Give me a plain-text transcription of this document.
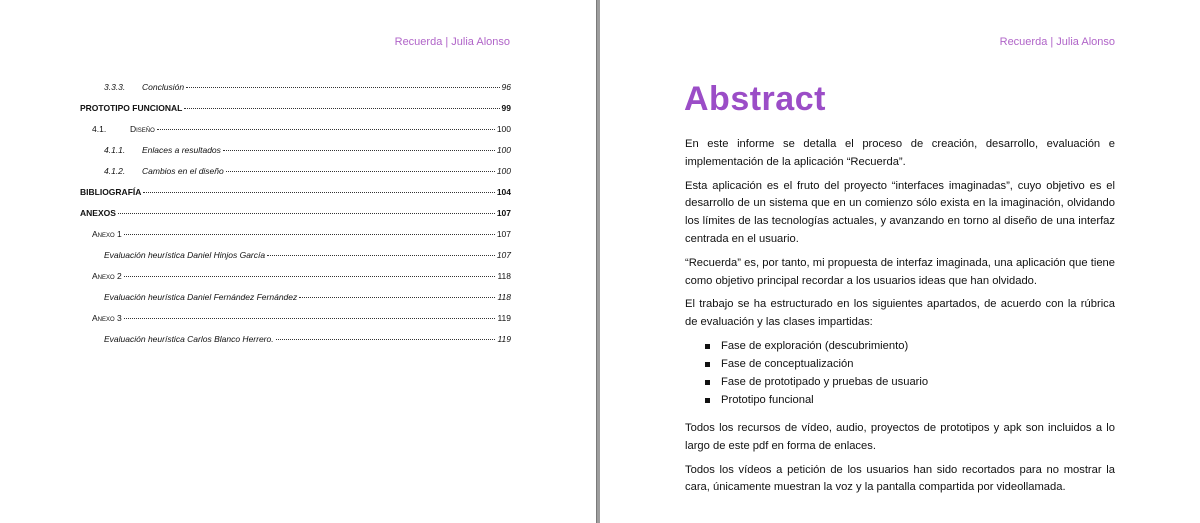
Recuerda | Julia Alonso
3.3.3.	Conclusión	96
PROTOTIPO FUNCIONAL	99
4.1.	Diseño	100
4.1.1.	Enlaces a resultados	100
4.1.2.	Cambios en el diseño	100
BIBLIOGRAFÍA	104
ANEXOS	107
Anexo 1	107
Evaluación heurística Daniel Hinjos García	107
Anexo 2	118
Evaluación heurística Daniel Fernández Fernández	118
Anexo 3	119
Evaluación heurística Carlos Blanco Herrero.	119
Recuerda | Julia Alonso
Abstract

En este informe se detalla el proceso de creación, desarrollo, evaluación e implementación de la aplicación “Recuerda”.

Esta aplicación es el fruto del proyecto “interfaces imaginadas”, cuyo objetivo es el desarrollo de un sistema que en un comienzo sólo exista en la imaginación, olvidando los límites de las tecnologías actuales, y avanzando en torno al diseño de una interfaz centrada en el usuario.

“Recuerda” es, por tanto, mi propuesta de interfaz imaginada, una aplicación que tiene como objetivo principal recordar a los usuarios ideas que han olvidado.

El trabajo se ha estructurado en los siguientes apartados, de acuerdo con la rúbrica de evaluación y las clases impartidas:

Fase de exploración (descubrimiento)
Fase de conceptualización
Fase de prototipado y pruebas de usuario
Prototipo funcional

Todos los recursos de vídeo, audio, proyectos de prototipos y apk son incluidos a lo largo de este pdf en forma de enlaces.

Todos los vídeos a petición de los usuarios han sido recortados para no mostrar la cara, únicamente muestran la voz y la pantalla compartida por videollamada.
